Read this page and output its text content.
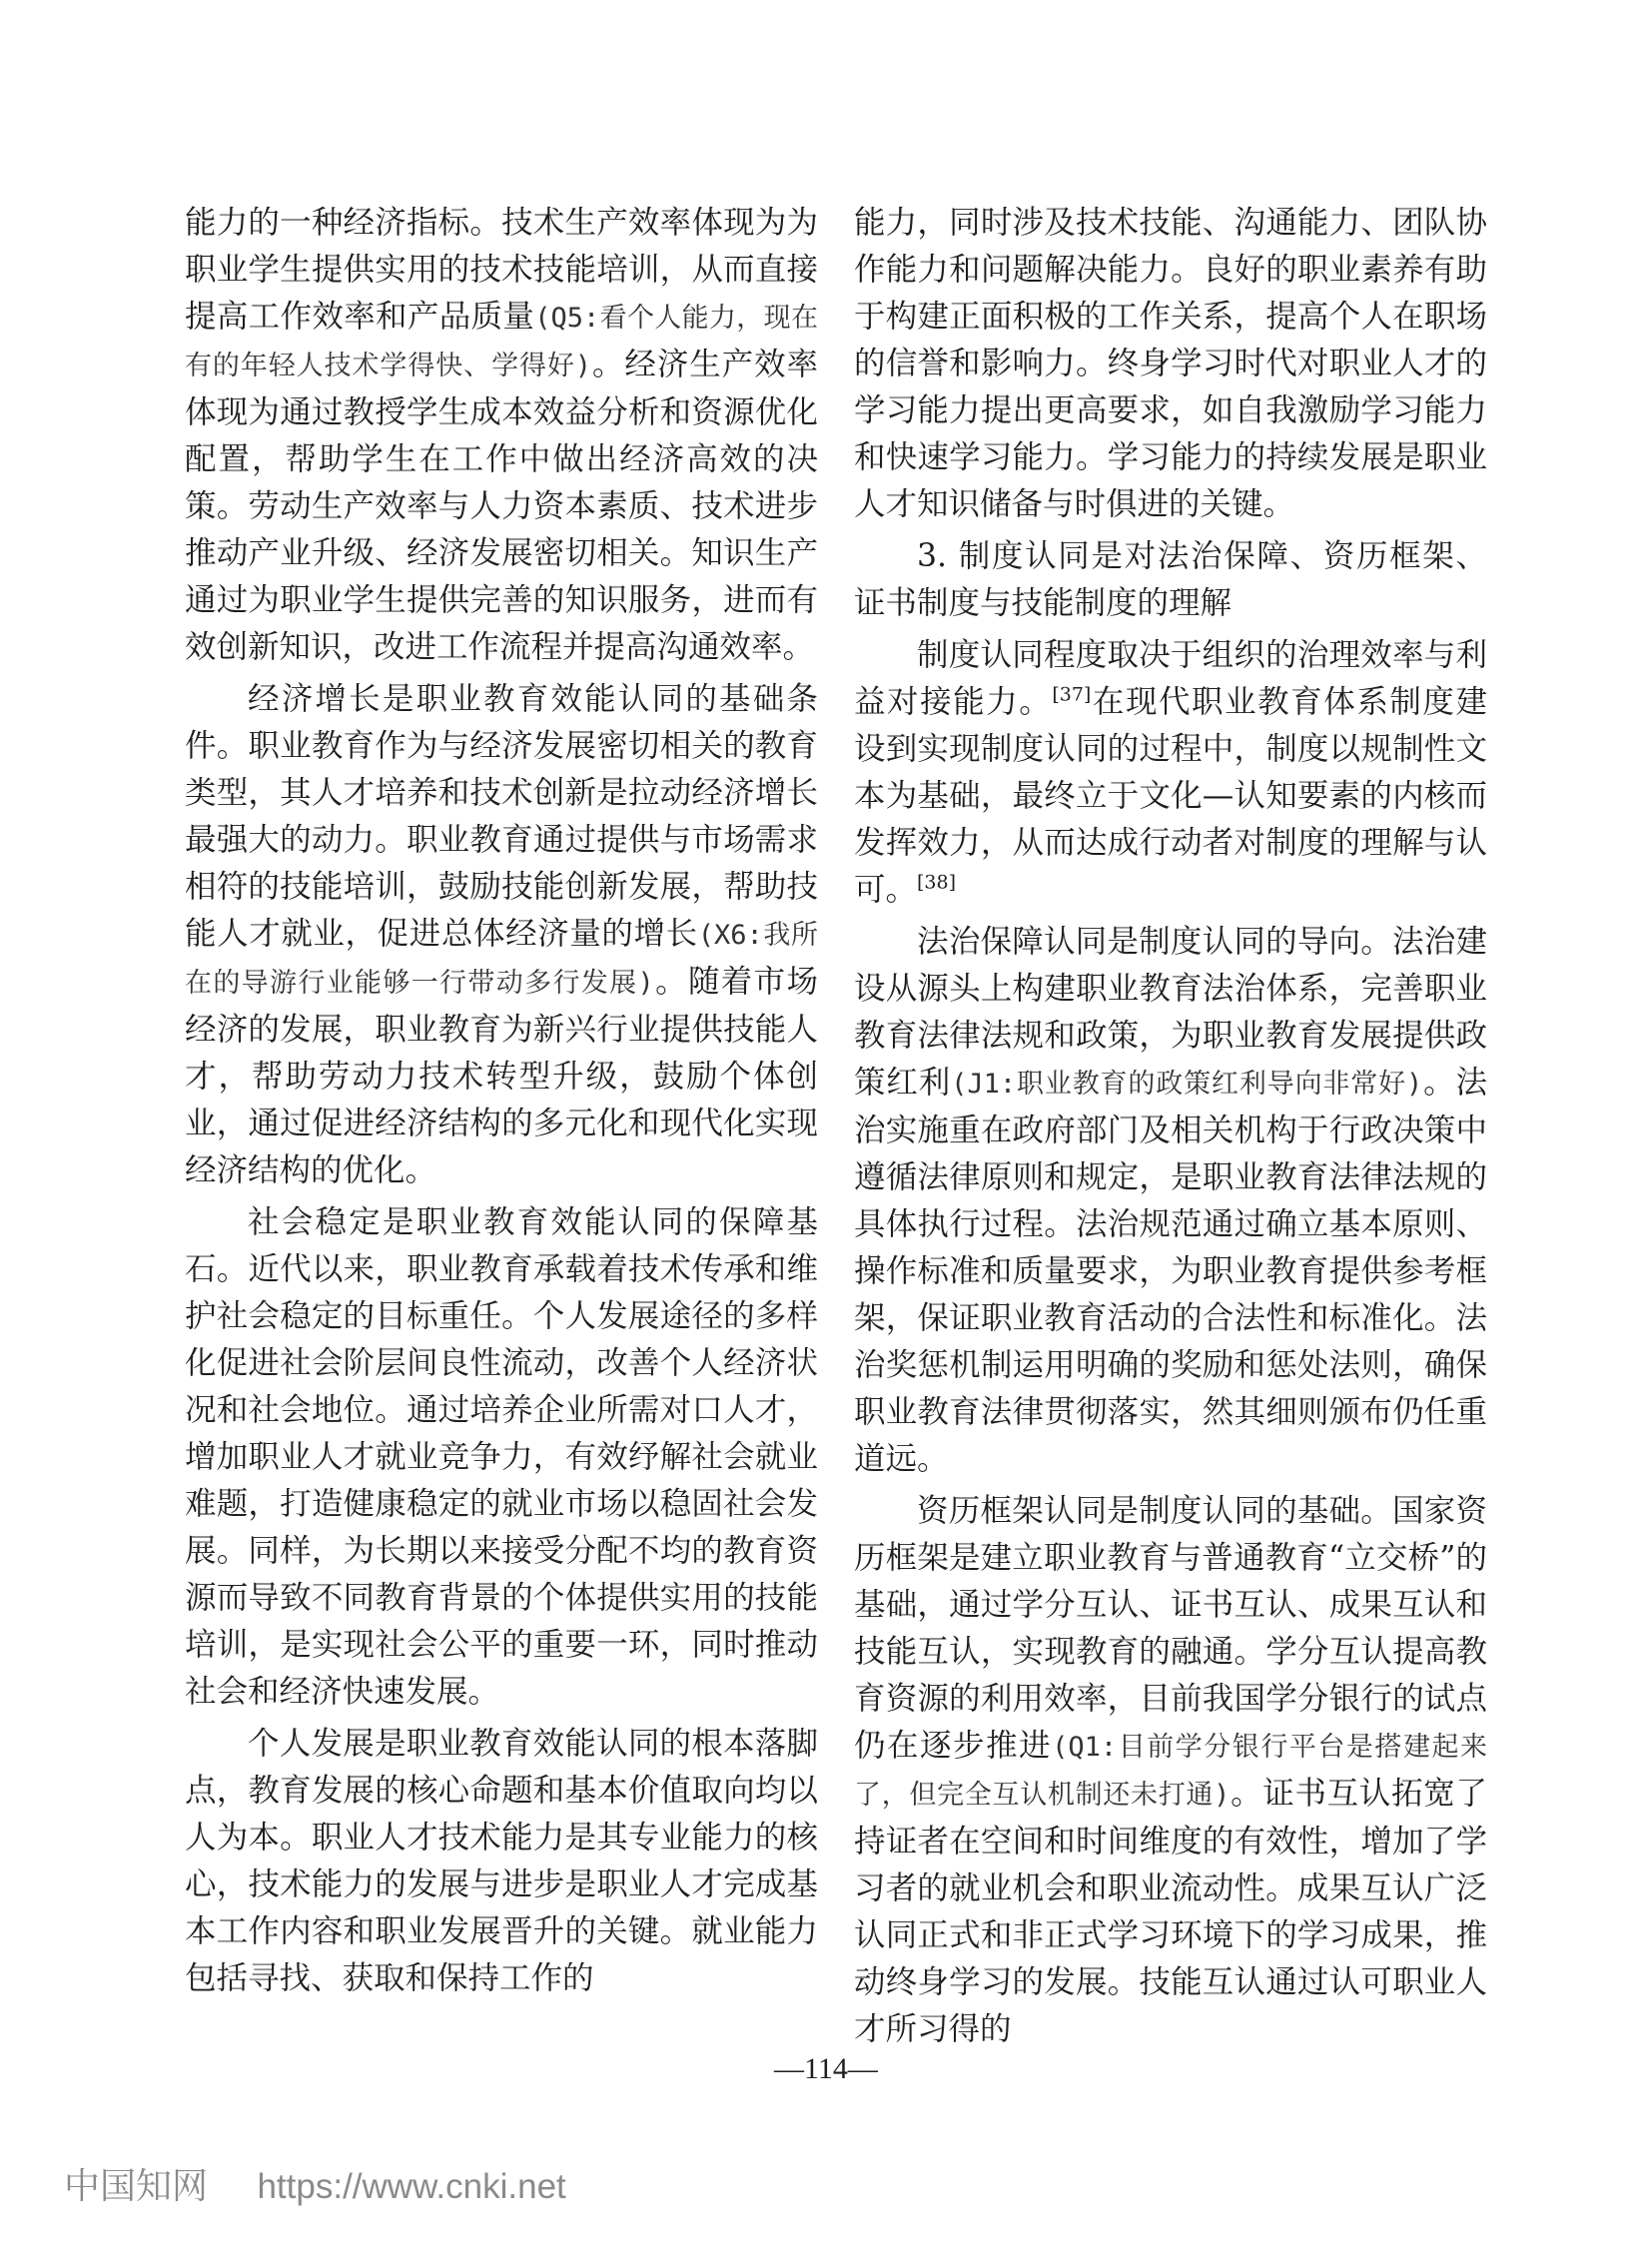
能力的一种经济指标。技术生产效率体现为为职业学生提供实用的技术技能培训，从而直接提高工作效率和产品质量(Q5:看个人能力，现在有的年轻人技术学得快、学得好)。经济生产效率体现为通过教授学生成本效益分析和资源优化配置，帮助学生在工作中做出经济高效的决策。劳动生产效率与人力资本素质、技术进步推动产业升级、经济发展密切相关。知识生产通过为职业学生提供完善的知识服务，进而有效创新知识，改进工作流程并提高沟通效率。

经济增长是职业教育效能认同的基础条件。职业教育作为与经济发展密切相关的教育类型，其人才培养和技术创新是拉动经济增长最强大的动力。职业教育通过提供与市场需求相符的技能培训，鼓励技能创新发展，帮助技能人才就业，促进总体经济量的增长(X6:我所在的导游行业能够一行带动多行发展)。随着市场经济的发展，职业教育为新兴行业提供技能人才，帮助劳动力技术转型升级，鼓励个体创业，通过促进经济结构的多元化和现代化实现经济结构的优化。

社会稳定是职业教育效能认同的保障基石。近代以来，职业教育承载着技术传承和维护社会稳定的目标重任。个人发展途径的多样化促进社会阶层间良性流动，改善个人经济状况和社会地位。通过培养企业所需对口人才，增加职业人才就业竞争力，有效纾解社会就业难题，打造健康稳定的就业市场以稳固社会发展。同样，为长期以来接受分配不均的教育资源而导致不同教育背景的个体提供实用的技能培训，是实现社会公平的重要一环，同时推动社会和经济快速发展。

个人发展是职业教育效能认同的根本落脚点，教育发展的核心命题和基本价值取向均以人为本。职业人才技术能力是其专业能力的核心，技术能力的发展与进步是职业人才完成基本工作内容和职业发展晋升的关键。就业能力包括寻找、获取和保持工作的

能力，同时涉及技术技能、沟通能力、团队协作能力和问题解决能力。良好的职业素养有助于构建正面积极的工作关系，提高个人在职场的信誉和影响力。终身学习时代对职业人才的学习能力提出更高要求，如自我激励学习能力和快速学习能力。学习能力的持续发展是职业人才知识储备与时俱进的关键。

3. 制度认同是对法治保障、资历框架、证书制度与技能制度的理解

制度认同程度取决于组织的治理效率与利益对接能力。[37]在现代职业教育体系制度建设到实现制度认同的过程中，制度以规制性文本为基础，最终立于文化—认知要素的内核而发挥效力，从而达成行动者对制度的理解与认可。[38]

法治保障认同是制度认同的导向。法治建设从源头上构建职业教育法治体系，完善职业教育法律法规和政策，为职业教育发展提供政策红利(J1:职业教育的政策红利导向非常好)。法治实施重在政府部门及相关机构于行政决策中遵循法律原则和规定，是职业教育法律法规的具体执行过程。法治规范通过确立基本原则、操作标准和质量要求，为职业教育提供参考框架，保证职业教育活动的合法性和标准化。法治奖惩机制运用明确的奖励和惩处法则，确保职业教育法律贯彻落实，然其细则颁布仍任重道远。

资历框架认同是制度认同的基础。国家资历框架是建立职业教育与普通教育“立交桥”的基础，通过学分互认、证书互认、成果互认和技能互认，实现教育的融通。学分互认提高教育资源的利用效率，目前我国学分银行的试点仍在逐步推进(Q1:目前学分银行平台是搭建起来了，但完全互认机制还未打通)。证书互认拓宽了持证者在空间和时间维度的有效性，增加了学习者的就业机会和职业流动性。成果互认广泛认同正式和非正式学习环境下的学习成果，推动终身学习的发展。技能互认通过认可职业人才所习得的

—114—
中国知网 https://www.cnki.net
